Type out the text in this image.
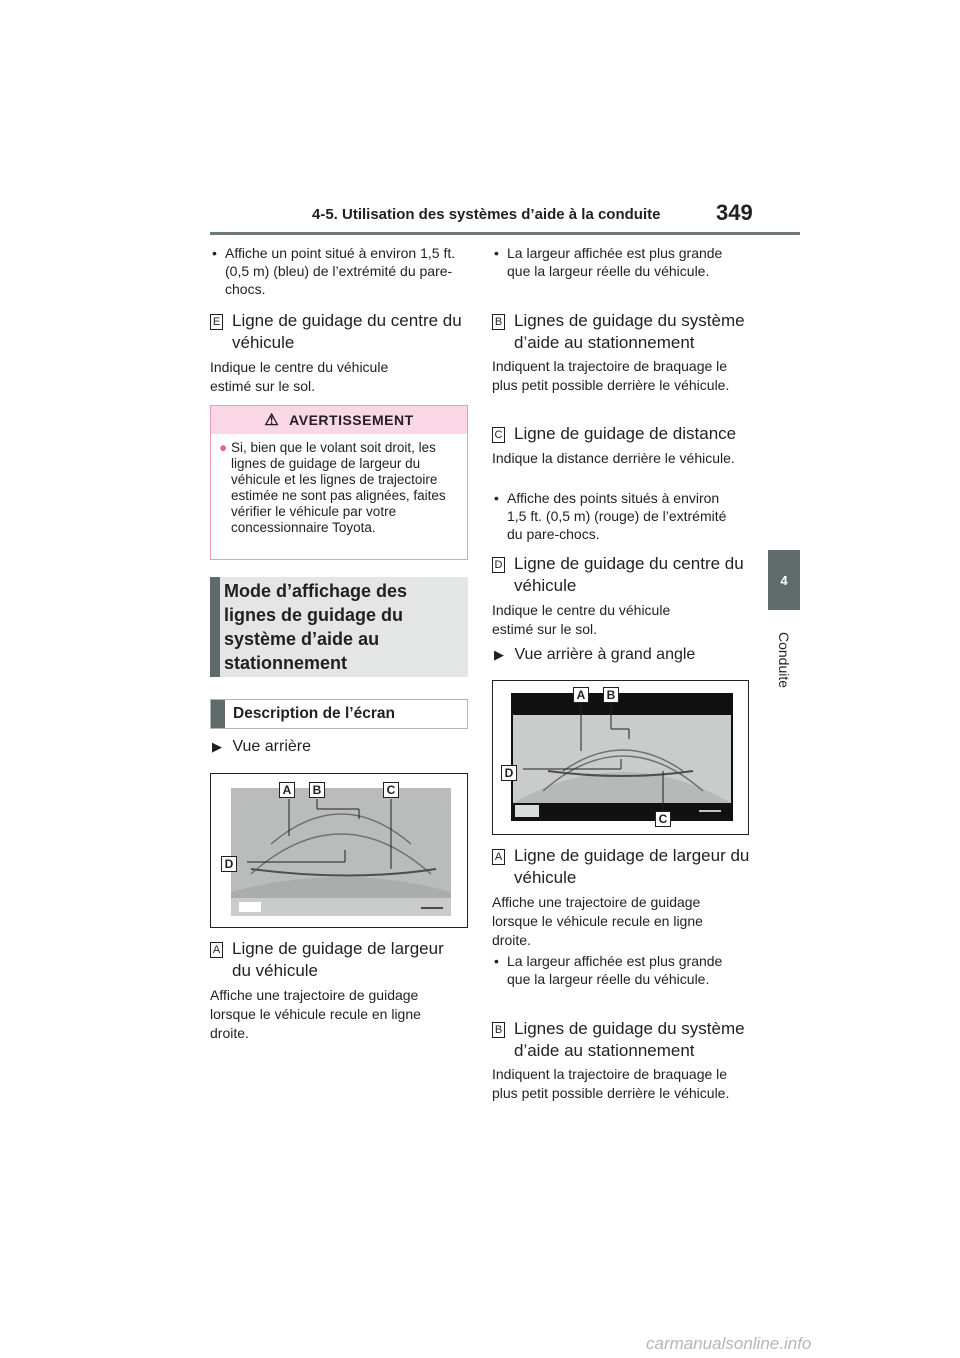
4-5. Utilisation des systèmes d’aide à la conduite	349
4
Conduite
• Affiche un point situé à environ 1,5 ft. (0,5 m) (bleu) de l’extrémité du pare-chocs.
E Ligne de guidage du centre du véhicule
Indique le centre du véhicule estimé sur le sol.
⚠ AVERTISSEMENT
● Si, bien que le volant soit droit, les lignes de guidage de largeur du véhicule et les lignes de trajectoire estimée ne sont pas alignées, faites vérifier le véhicule par votre concessionnaire Toyota.
Mode d’affichage des lignes de guidage du système d’aide au stationnement
Description de l’écran
▶ Vue arrière
A	B	C
D
A Ligne de guidage de largeur du véhicule
Affiche une trajectoire de guidage lorsque le véhicule recule en ligne droite.
• La largeur affichée est plus grande que la largeur réelle du véhicule.
B Lignes de guidage du système d’aide au stationnement
Indiquent la trajectoire de braquage le plus petit possible derrière le véhicule.
C Ligne de guidage de distance
Indique la distance derrière le véhicule.
• Affiche des points situés à environ 1,5 ft. (0,5 m) (rouge) de l’extrémité du pare-chocs.
D Ligne de guidage du centre du véhicule
Indique le centre du véhicule estimé sur le sol.
▶ Vue arrière à grand angle
A	B
C
D
A Ligne de guidage de largeur du véhicule
Affiche une trajectoire de guidage lorsque le véhicule recule en ligne droite.
• La largeur affichée est plus grande que la largeur réelle du véhicule.
B Lignes de guidage du système d’aide au stationnement
Indiquent la trajectoire de braquage le plus petit possible derrière le véhicule.
carmanualsonline.info
